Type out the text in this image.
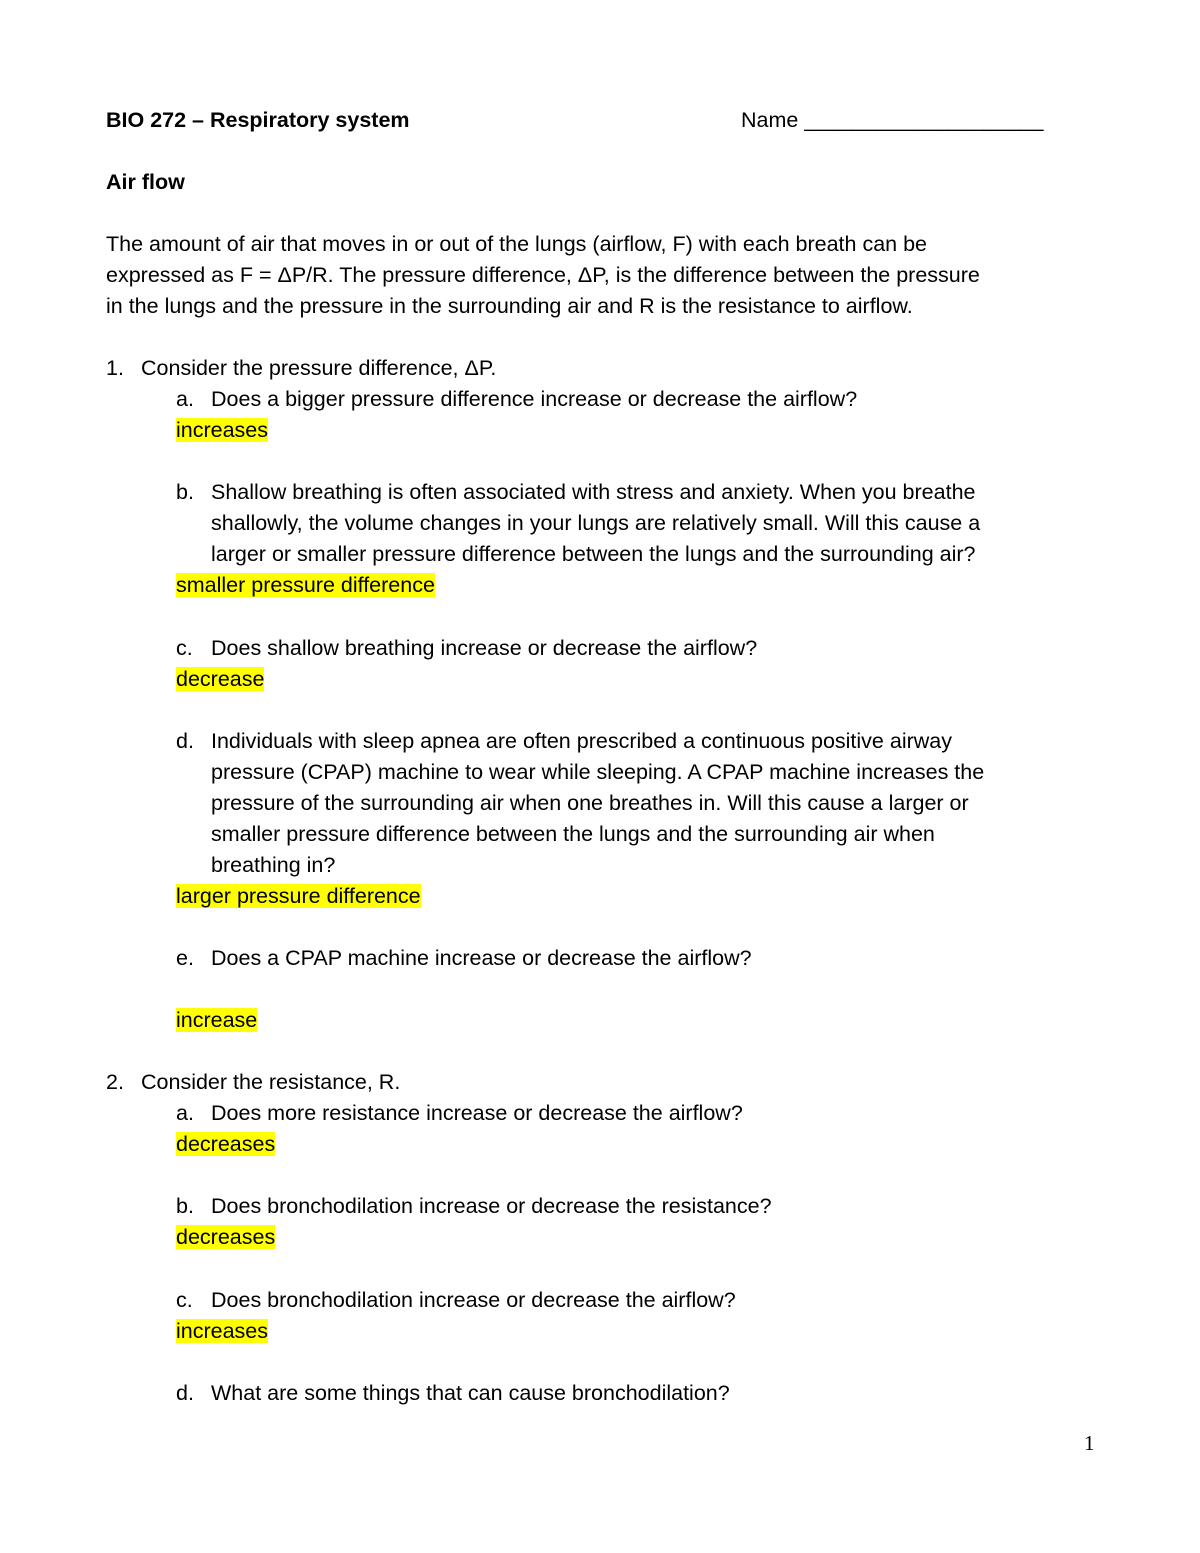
BIO 272 – Respiratory system	Name ____________________
Air flow
The amount of air that moves in or out of the lungs (airflow, F) with each breath can be
expressed as F = ΔP/R. The pressure difference, ΔP, is the difference between the pressure
in the lungs and the pressure in the surrounding air and R is the resistance to airflow.
1. Consider the pressure difference, ΔP.
a. Does a bigger pressure difference increase or decrease the airflow?
increases
b. Shallow breathing is often associated with stress and anxiety. When you breathe
shallowly, the volume changes in your lungs are relatively small. Will this cause a
larger or smaller pressure difference between the lungs and the surrounding air?
smaller pressure difference
c. Does shallow breathing increase or decrease the airflow?
decrease
d. Individuals with sleep apnea are often prescribed a continuous positive airway
pressure (CPAP) machine to wear while sleeping. A CPAP machine increases the
pressure of the surrounding air when one breathes in. Will this cause a larger or
smaller pressure difference between the lungs and the surrounding air when
breathing in?
larger pressure difference
e. Does a CPAP machine increase or decrease the airflow?
increase
2. Consider the resistance, R.
a. Does more resistance increase or decrease the airflow?
decreases
b. Does bronchodilation increase or decrease the resistance?
decreases
c. Does bronchodilation increase or decrease the airflow?
increases
d. What are some things that can cause bronchodilation?
1
